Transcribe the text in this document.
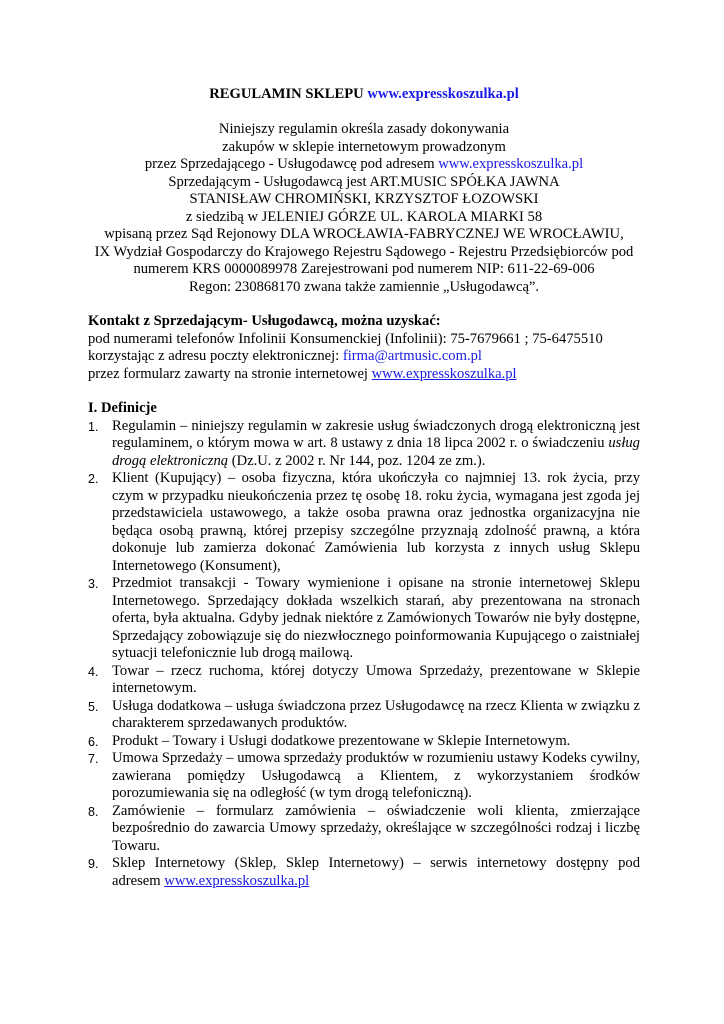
REGULAMIN SKLEPU www.expresskoszulka.pl
Niniejszy regulamin określa zasady dokonywania
zakupów w sklepie internetowym prowadzonym
przez Sprzedającego - Usługodawcę pod adresem www.expresskoszulka.pl
Sprzedającym - Usługodawcą jest ART.MUSIC SPÓŁKA JAWNA
STANISŁAW CHROMIŃSKI, KRZYSZTOF ŁOZOWSKI
z siedzibą w JELENIEJ GÓRZE UL. KAROLA MIARKI 58
wpisaną przez Sąd Rejonowy DLA WROCŁAWIA-FABRYCZNEJ WE WROCŁAWIU,
IX Wydział Gospodarczy do Krajowego Rejestru Sądowego - Rejestru Przedsiębiorców pod
numerem KRS 0000089978 Zarejestrowani pod numerem NIP: 611-22-69-006
Regon: 230868170 zwana także zamiennie „Usługodawcą”.
Kontakt z Sprzedającym- Usługodawcą, można uzyskać:
pod numerami telefonów Infolinii Konsumenckiej (Infolinii): 75-7679661 ; 75-6475510
korzystając z adresu poczty elektronicznej: firma@artmusic.com.pl
przez formularz zawarty na stronie internetowej www.expresskoszulka.pl
I. Definicje
1. Regulamin – niniejszy regulamin w zakresie usług świadczonych drogą elektroniczną jest regulaminem, o którym mowa w art. 8 ustawy z dnia 18 lipca 2002 r. o świadczeniu usług drogą elektroniczną (Dz.U. z 2002 r. Nr 144, poz. 1204 ze zm.).
2. Klient (Kupujący) – osoba fizyczna, która ukończyła co najmniej 13. rok życia, przy czym w przypadku nieukończenia przez tę osobę 18. roku życia, wymagana jest zgoda jej przedstawiciela ustawowego, a także osoba prawna oraz jednostka organizacyjna nie będąca osobą prawną, której przepisy szczególne przyznają zdolność prawną, a która dokonuje lub zamierza dokonać Zamówienia lub korzysta z innych usług Sklepu Internetowego (Konsument),
3. Przedmiot transakcji - Towary wymienione i opisane na stronie internetowej Sklepu Internetowego. Sprzedający dokłada wszelkich starań, aby prezentowana na stronach oferta, była aktualna. Gdyby jednak niektóre z Zamówionych Towarów nie były dostępne, Sprzedający zobowiązuje się do niezwłocznego poinformowania Kupującego o zaistniałej sytuacji telefonicznie lub drogą mailową.
4. Towar – rzecz ruchoma, której dotyczy Umowa Sprzedaży, prezentowane w Sklepie internetowym.
5. Usługa dodatkowa – usługa świadczona przez Usługodawcę na rzecz Klienta w związku z charakterem sprzedawanych produktów.
6. Produkt – Towary i Usługi dodatkowe prezentowane w Sklepie Internetowym.
7. Umowa Sprzedaży – umowa sprzedaży produktów w rozumieniu ustawy Kodeks cywilny, zawierana pomiędzy Usługodawcą a Klientem, z wykorzystaniem środków porozumiewania się na odległość (w tym drogą telefoniczną).
8. Zamówienie – formularz zamówienia – oświadczenie woli klienta, zmierzające bezpośrednio do zawarcia Umowy sprzedaży, określające w szczególności rodzaj i liczbę Towaru.
9. Sklep Internetowy (Sklep, Sklep Internetowy) – serwis internetowy dostępny pod adresem www.expresskoszulka.pl
